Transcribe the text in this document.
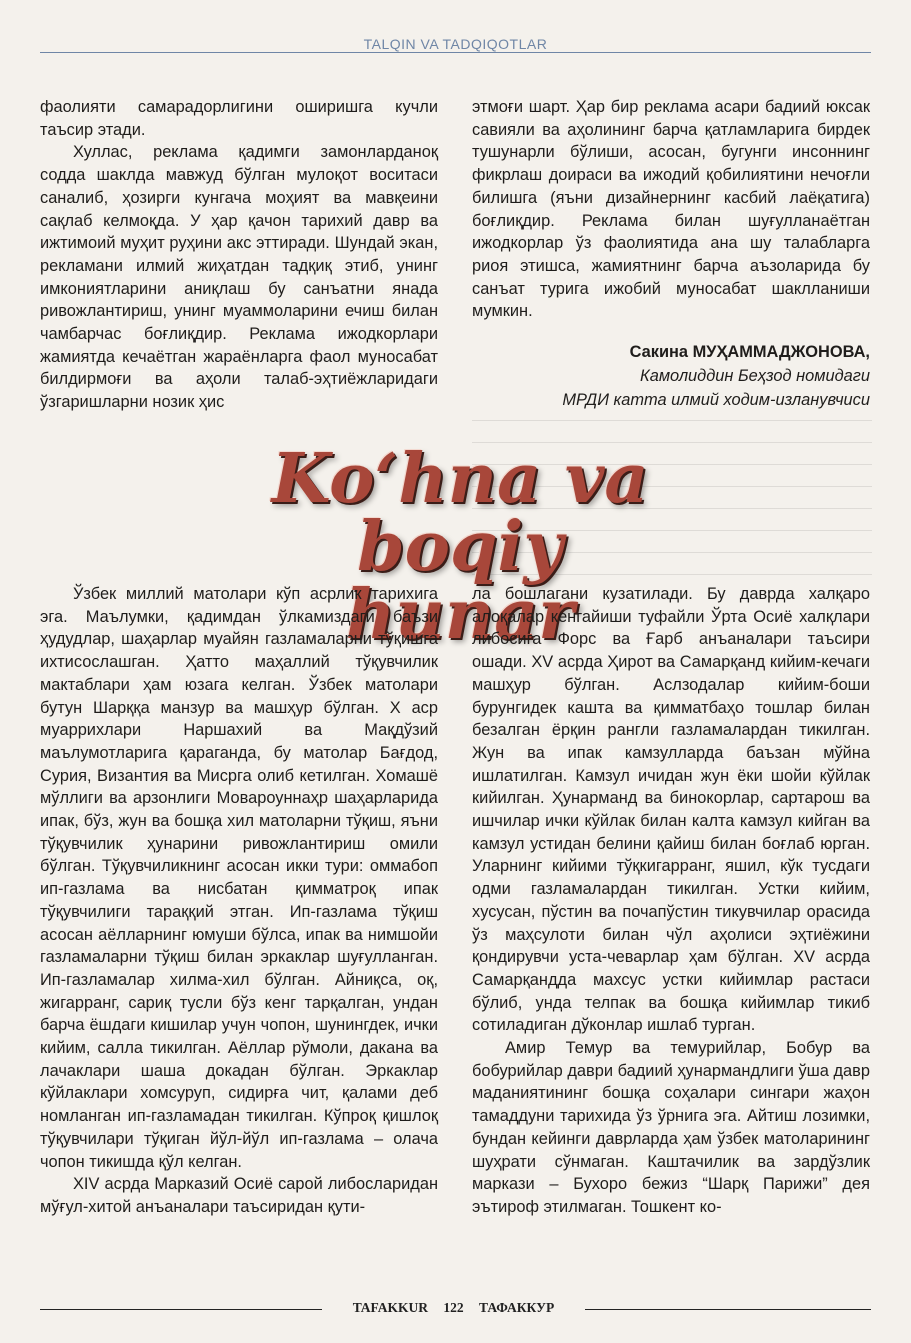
TALQIN VA TADQIQOTLAR

фаолияти самарадорлигини оширишга кучли таъсир этади.

Хуллас, реклама қадимги замонларданоқ содда шаклда мавжуд бўлган мулоқот воситаси саналиб, ҳозирги кунгача моҳият ва мавқеини сақлаб келмоқда. У ҳар қачон тарихий давр ва ижтимоий муҳит руҳини акс эттиради. Шундай экан, рекламани илмий жиҳатдан тадқиқ этиб, унинг имкониятларини аниқлаш бу санъатни янада ривожлантириш, унинг муаммоларини ечиш билан чамбарчас боғлиқдир. Реклама ижодкорлари жамиятда кечаётган жараёнларга фаол муносабат билдирмоғи ва аҳоли талаб-эҳтиёжларидаги ўзгаришларни нозик ҳис

этмоғи шарт. Ҳар бир реклама асари бадиий юксак савияли ва аҳолининг барча қатламларига бирдек тушунарли бўлиши, асосан, бугунги инсоннинг фикрлаш доираси ва ижодий қобилиятини нечоғли билишга (яъни дизайнернинг касбий лаёқатига) боғлиқдир. Реклама билан шуғулланаётган ижодкорлар ўз фаолиятида ана шу талабларга риоя этишса, жамиятнинг барча аъзоларида бу санъат турига ижобий муносабат шаклланиши мумкин.

Сакина МУҲАММАДЖОНОВА,
Камолиддин Беҳзод номидаги
МРДИ катта илмий ходим-изланувчиси
Ko‘hna va boqiy
hunar

Ўзбек миллий матолари кўп асрлик тарихига эга. Маълумки, қадимдан ўлкамиздаги баъзи ҳудудлар, шаҳарлар муайян газламаларни тўқишга ихтисослашган. Ҳатто маҳаллий тўқувчилик мактаблари ҳам юзага келган. Ўзбек матолари бутун Шарққа манзур ва машҳур бўлган. X аср муаррихлари Наршахий ва Мақдўзий маълумотларига қараганда, бу матолар Бағдод, Сурия, Византия ва Мисрга олиб кетилган. Хомашё мўллиги ва арзонлиги Мовароуннаҳр шаҳарларида ипак, бўз, жун ва бошқа хил матоларни тўқиш, яъни тўқувчилик ҳунарини ривожлантириш омили бўлган. Тўқувчиликнинг асосан икки тури: оммабоп ип-газлама ва нисбатан қимматроқ ипак тўқувчилиги тараққий этган. Ип-газлама тўқиш асосан аёлларнинг юмуши бўлса, ипак ва нимшойи газламаларни тўқиш билан эркаклар шуғулланган. Ип-газламалар хилма-хил бўлган. Айниқса, оқ, жигарранг, сариқ тусли бўз кенг тарқалган, ундан барча ёшдаги кишилар учун чопон, шунингдек, ички кийим, салла тикилган. Аёллар рўмоли, дакана ва лачаклари шаша докадан бўлган. Эркаклар кўйлаклари хомсуруп, сидирға чит, қалами деб номланган ип-газламадан тикилган. Кўпроқ қишлоқ тўқувчилари тўқиган йўл-йўл ип-газлама – олача чопон тикишда қўл келган.

XIV асрда Марказий Осиё сарой либосларидан мўғул-хитой анъаналари таъсиридан қути-

ла бошлагани кузатилади. Бу даврда халқаро алоқалар кенгайиши туфайли Ўрта Осиё халқлари либосига Форс ва Ғарб анъаналари таъсири ошади. XV асрда Ҳирот ва Самарқанд кийим-кечаги машҳур бўлган. Аслзодалар кийим-боши бурунгидек кашта ва қимматбаҳо тошлар билан безалган ёрқин рангли газламалардан тикилган. Жун ва ипак камзулларда баъзан мўйна ишлатилган. Камзул ичидан жун ёки шойи кўйлак кийилган. Ҳунарманд ва бинокорлар, сартарош ва ишчилар ички кўйлак билан калта камзул кийган ва камзул устидан белини қайиш билан боғлаб юрган. Уларнинг кийими тўқкигарранг, яшил, кўк тусдаги одми газламалардан тикилган. Устки кийим, хусусан, пўстин ва почапўстин тикувчилар орасида ўз маҳсулоти билан чўл аҳолиси эҳтиёжини қондирувчи уста-чеварлар ҳам бўлган. XV асрда Самарқандда махсус устки кийимлар растаси бўлиб, унда телпак ва бошқа кийимлар тикиб сотиладиган дўконлар ишлаб турган.

Амир Темур ва темурийлар, Бобур ва бобурийлар даври бадиий ҳунармандлиги ўша давр маданиятининг бошқа соҳалари сингари жаҳон тамаддуни тарихида ўз ўрнига эга. Айтиш лозимки, бундан кейинги даврларда ҳам ўзбек матоларининг шуҳрати сўнмаган. Каштачилик ва зардўзлик маркази – Бухоро бежиз “Шарқ Парижи” дея эътироф этилмаган. Тошкент ко-

TAFAKKUR 122 ТАФАККУР
